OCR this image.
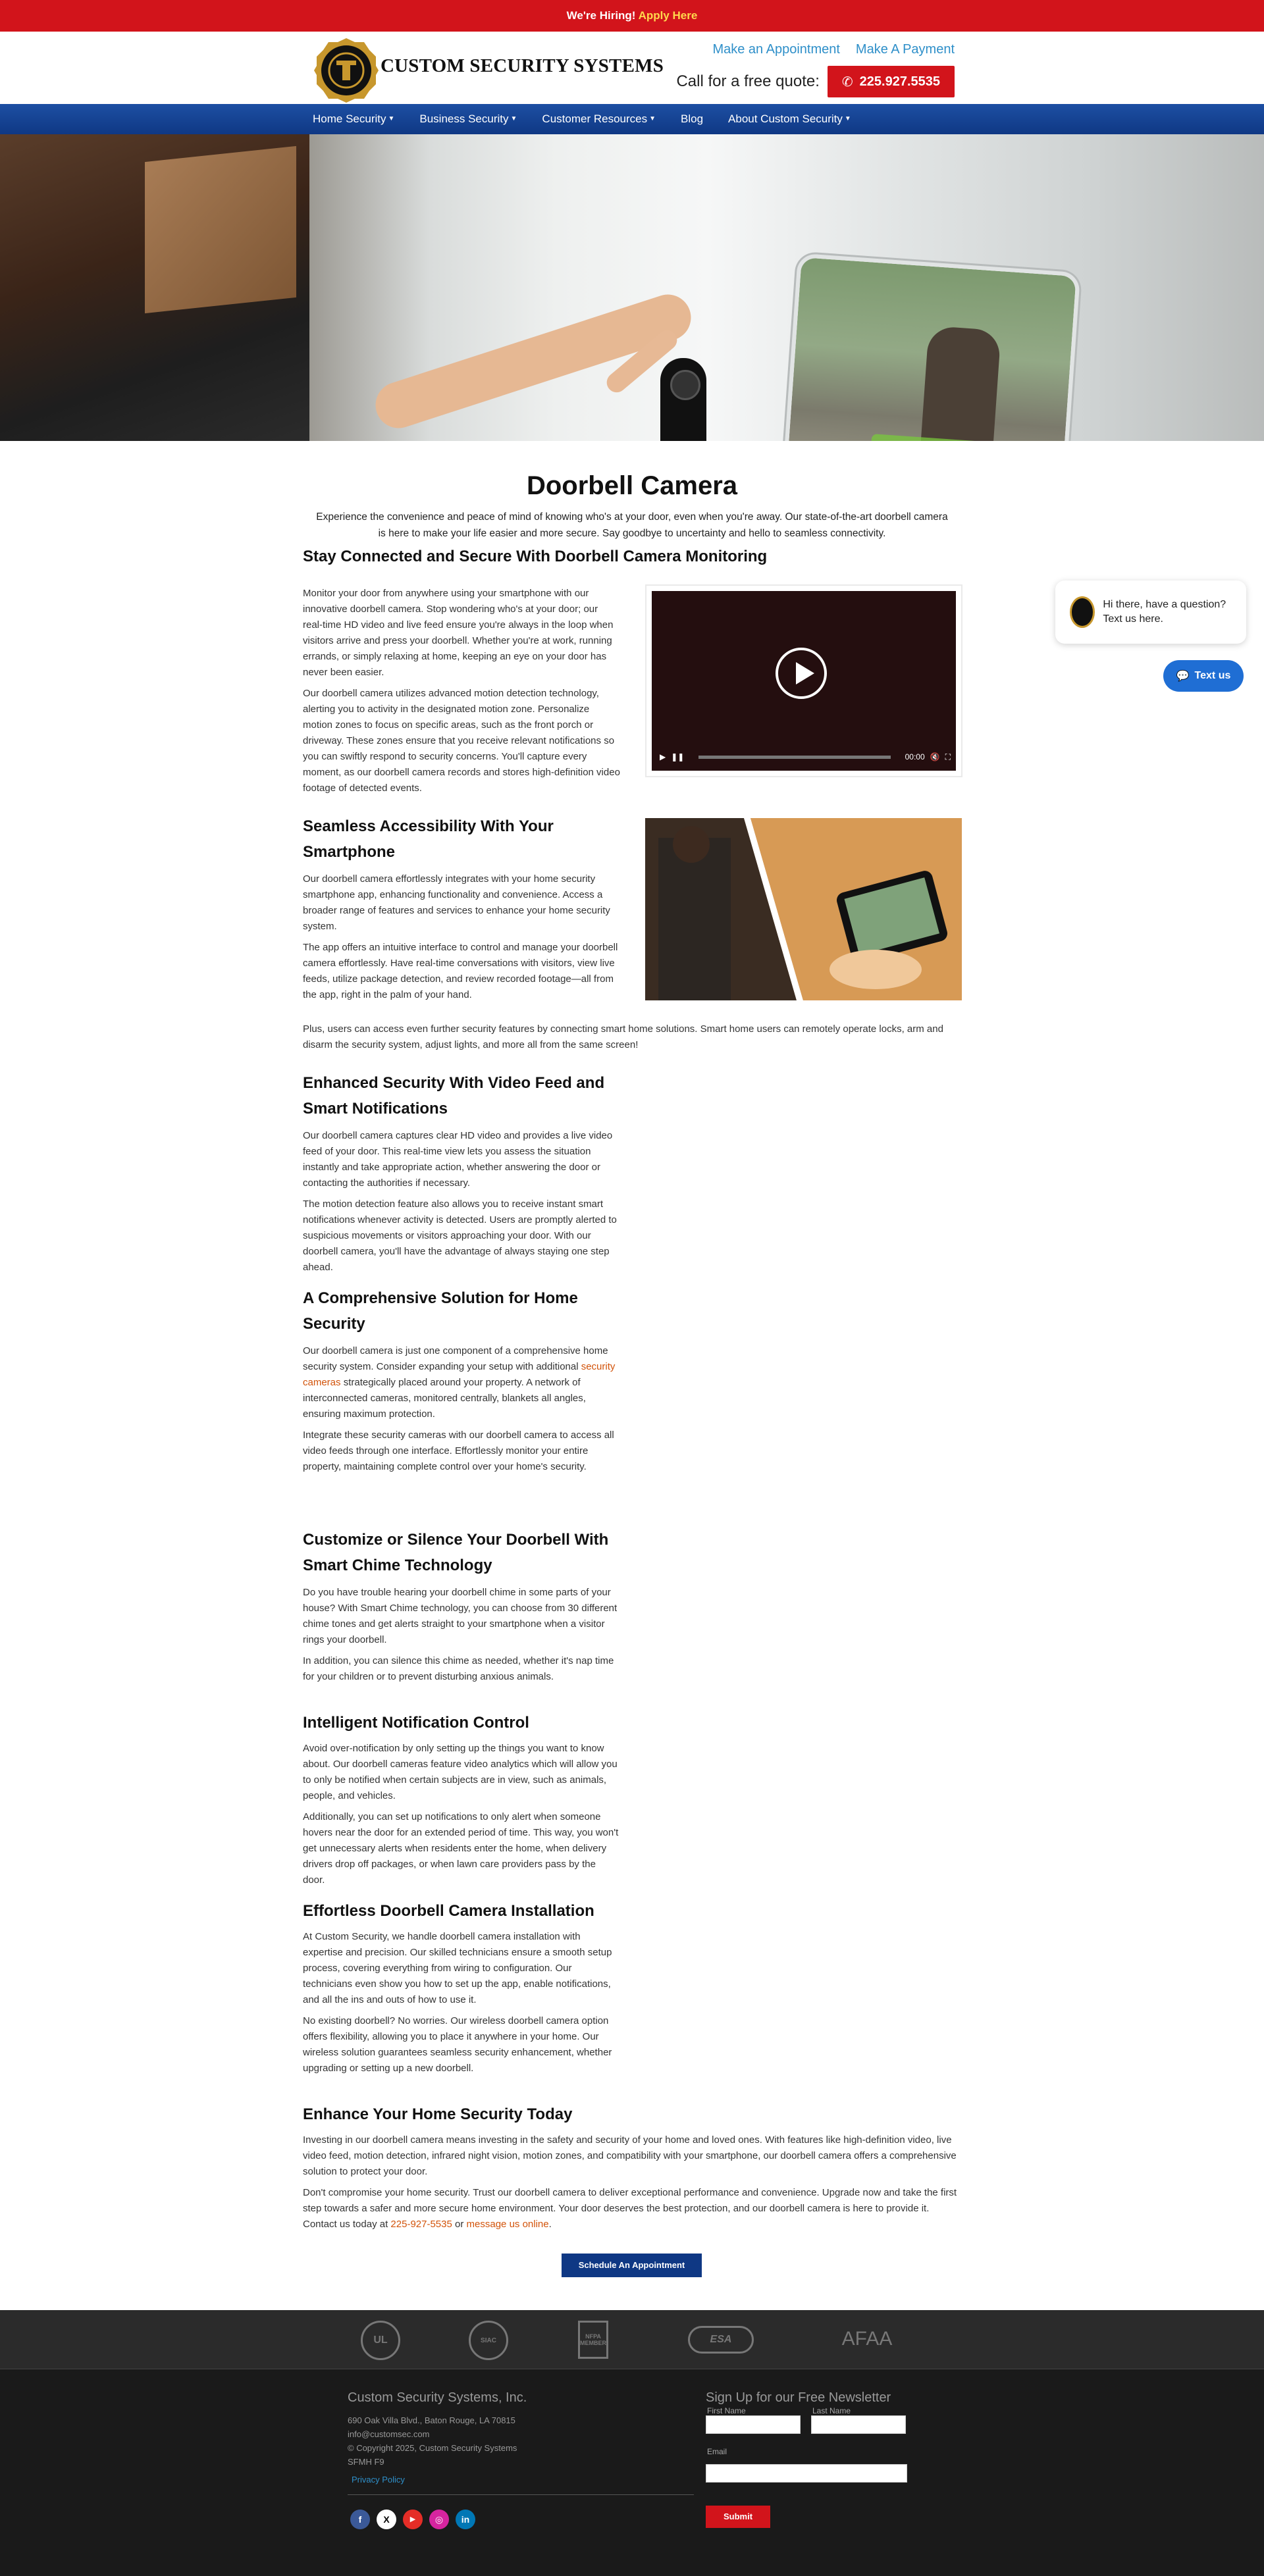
We're Hiring! Apply Here
CUSTOM SECURITY SYSTEMS
Make an Appointment Make A Payment
Call for a free quote: ✆ 225.927.5535
Home Security ▼ Business Security ▼ Customer Resources ▼ Blog About Custom Security ▼
Doorbell Camera

Experience the convenience and peace of mind of knowing who's at your door, even when you're away. Our state-of-the-art doorbell camera is here to make your life easier and more secure. Say goodbye to uncertainty and hello to seamless connectivity.

Stay Connected and Secure With Doorbell Camera Monitoring

Monitor your door from anywhere using your smartphone with our innovative doorbell camera. Stop wondering who's at your door; our real-time HD video and live feed ensure you're always in the loop when visitors arrive and press your doorbell. Whether you're at work, running errands, or simply relaxing at home, keeping an eye on your door has never been easier.

Our doorbell camera utilizes advanced motion detection technology, alerting you to activity in the designated motion zone. Personalize motion zones to focus on specific areas, such as the front porch or driveway. These zones ensure that you receive relevant notifications so you can swiftly respond to security concerns. You'll capture every moment, as our doorbell camera records and stores high-definition video footage of detected events.

▶ ❚❚	00:00 🔇 ⛶
Seamless Accessibility With Your Smartphone

Our doorbell camera effortlessly integrates with your home security smartphone app, enhancing functionality and convenience. Access a broader range of features and services to enhance your home security system.

The app offers an intuitive interface to control and manage your doorbell camera effortlessly. Have real-time conversations with visitors, view live feeds, utilize package detection, and review recorded footage—all from the app, right in the palm of your hand.

Plus, users can access even further security features by connecting smart home solutions. Smart home users can remotely operate locks, arm and disarm the security system, adjust lights, and more all from the same screen!

Enhanced Security With Video Feed and Smart Notifications

Our doorbell camera captures clear HD video and provides a live video feed of your door. This real-time view lets you assess the situation instantly and take appropriate action, whether answering the door or contacting the authorities if necessary.

The motion detection feature also allows you to receive instant smart notifications whenever activity is detected. Users are promptly alerted to suspicious movements or visitors approaching your door. With our doorbell camera, you'll have the advantage of always staying one step ahead.

A Comprehensive Solution for Home Security

Our doorbell camera is just one component of a comprehensive home security system. Consider expanding your setup with additional security cameras strategically placed around your property. A network of interconnected cameras, monitored centrally, blankets all angles, ensuring maximum protection.

Integrate these security cameras with our doorbell camera to access all video feeds through one interface. Effortlessly monitor your entire property, maintaining complete control over your home's security.

Customize or Silence Your Doorbell With Smart Chime Technology

Do you have trouble hearing your doorbell chime in some parts of your house? With Smart Chime technology, you can choose from 30 different chime tones and get alerts straight to your smartphone when a visitor rings your doorbell.

In addition, you can silence this chime as needed, whether it's nap time for your children or to prevent disturbing anxious animals.

Intelligent Notification Control

Avoid over-notification by only setting up the things you want to know about. Our doorbell cameras feature video analytics which will allow you to only be notified when certain subjects are in view, such as animals, people, and vehicles.

Additionally, you can set up notifications to only alert when someone hovers near the door for an extended period of time. This way, you won't get unnecessary alerts when residents enter the home, when delivery drivers drop off packages, or when lawn care providers pass by the door.

Effortless Doorbell Camera Installation

At Custom Security, we handle doorbell camera installation with expertise and precision. Our skilled technicians ensure a smooth setup process, covering everything from wiring to configuration. Our technicians even show you how to set up the app, enable notifications, and all the ins and outs of how to use it.

No existing doorbell? No worries. Our wireless doorbell camera option offers flexibility, allowing you to place it anywhere in your home. Our wireless solution guarantees seamless security enhancement, whether upgrading or setting up a new doorbell.

Enhance Your Home Security Today

Investing in our doorbell camera means investing in the safety and security of your home and loved ones. With features like high-definition video, live video feed, motion detection, infrared night vision, motion zones, and compatibility with your smartphone, our doorbell camera offers a comprehensive solution to protect your door.

Don't compromise your home security. Trust our doorbell camera to deliver exceptional performance and convenience. Upgrade now and take the first step towards a safer and more secure home environment. Your door deserves the best protection, and our doorbell camera is here to provide it. Contact us today at 225-927-5535 or message us online.

Schedule An Appointment
Hi there, have a question? Text us here.
💬 Text us
UL	SIAC
NFPA MEMBER	ESA	AFAA
Custom Security Systems, Inc.
690 Oak Villa Blvd., Baton Rouge, LA 70815
info@customsec.com
© Copyright 2025, Custom Security Systems
SFMH F9
Privacy Policy
f	X	▶	◎	in
Sign Up for our Free Newsletter
First Name	Last Name
Email
Submit
